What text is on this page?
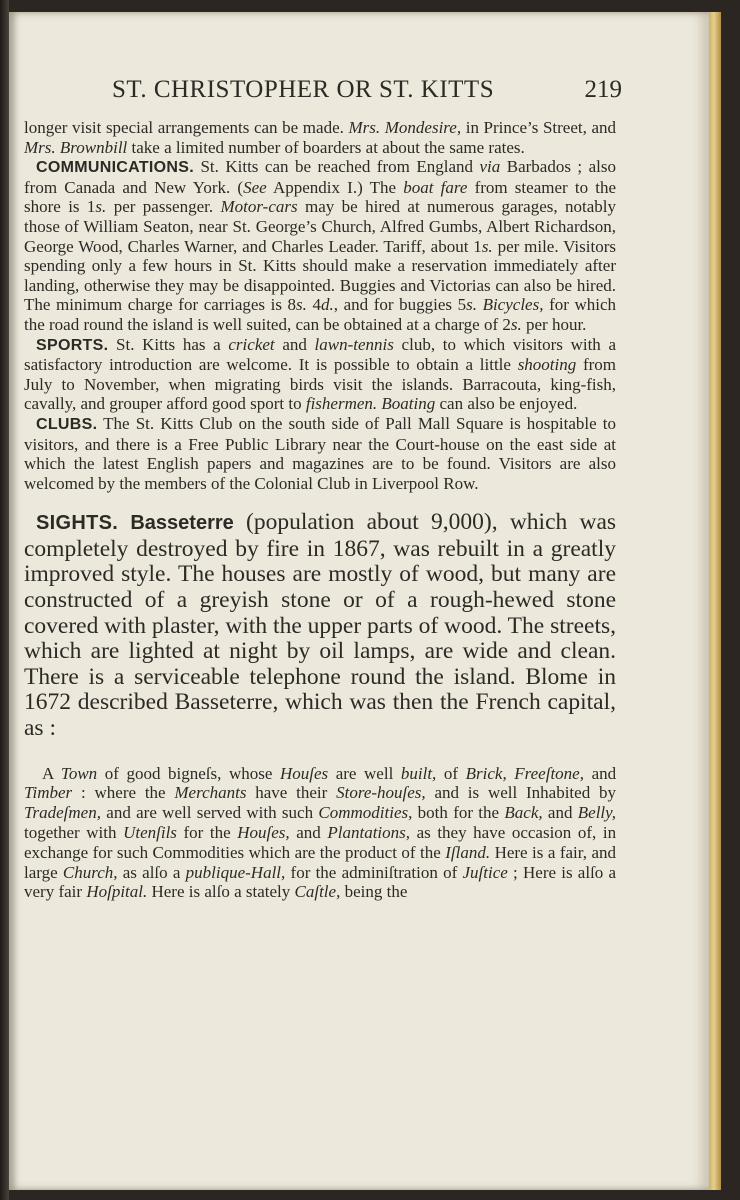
ST. CHRISTOPHER OR ST. KITTS	219

longer visit special arrangements can be made. Mrs. Mondesire, in Prince’s Street, and Mrs. Brownbill take a limited number of boarders at about the same rates.

COMMUNICATIONS. St. Kitts can be reached from England via Barbados ; also from Canada and New York. (See Appendix I.) The boat fare from steamer to the shore is 1s. per passenger. Motor-cars may be hired at numerous garages, notably those of William Seaton, near St. George’s Church, Alfred Gumbs, Albert Richardson, George Wood, Charles Warner, and Charles Leader. Tariff, about 1s. per mile. Visitors spending only a few hours in St. Kitts should make a reservation immediately after landing, otherwise they may be disappointed. Buggies and Victorias can also be hired. The minimum charge for carriages is 8s. 4d., and for buggies 5s. Bicycles, for which the road round the island is well suited, can be obtained at a charge of 2s. per hour.

SPORTS. St. Kitts has a cricket and lawn-tennis club, to which visitors with a satisfactory introduction are welcome. It is possible to obtain a little shooting from July to November, when migrating birds visit the islands. Barracouta, king-fish, cavally, and grouper afford good sport to fishermen. Boating can also be enjoyed.

CLUBS. The St. Kitts Club on the south side of Pall Mall Square is hospitable to visitors, and there is a Free Public Library near the Court-house on the east side at which the latest English papers and magazines are to be found. Visitors are also welcomed by the members of the Colonial Club in Liverpool Row.

SIGHTS. Basseterre (population about 9,000), which was completely destroyed by fire in 1867, was rebuilt in a greatly improved style. The houses are mostly of wood, but many are constructed of a greyish stone or of a rough-hewed stone covered with plaster, with the upper parts of wood. The streets, which are lighted at night by oil lamps, are wide and clean. There is a serviceable telephone round the island. Blome in 1672 described Basseterre, which was then the French capital, as :

A Town of good bigneſs, whose Houſes are well built, of Brick, Freeſtone, and Timber : where the Merchants have their Store-houſes, and is well Inhabited by Tradeſmen, and are well served with such Commodities, both for the Back, and Belly, together with Utenſils for the Houſes, and Plantations, as they have occasion of, in exchange for such Commodities which are the product of the Iſland. Here is a fair, and large Church, as alſo a publique-Hall, for the adminiſtration of Juſtice ; Here is alſo a very fair Hoſpital. Here is alſo a stately Caſtle, being the
